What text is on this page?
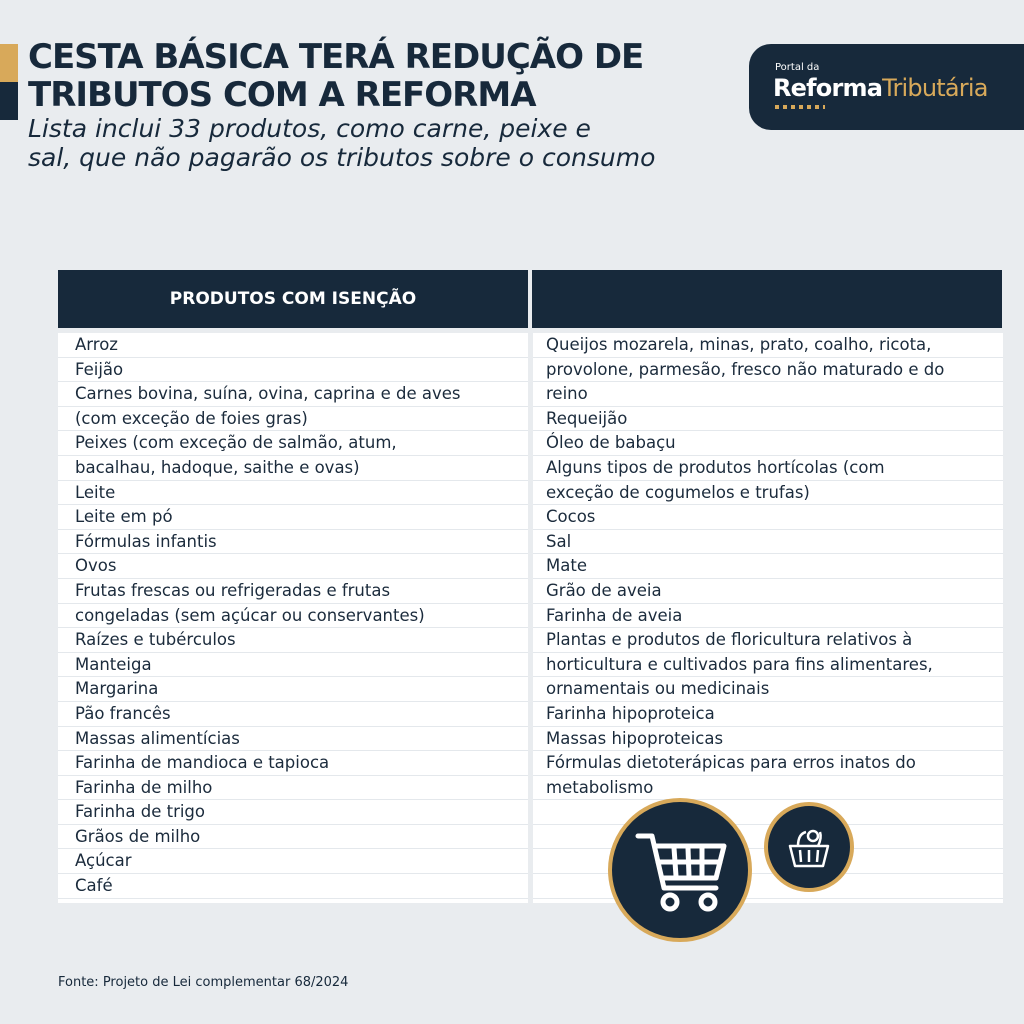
CESTA BÁSICA TERÁ REDUÇÃO DE
TRIBUTOS COM A REFORMA

Lista inclui 33 produtos, como carne, peixe e
sal, que não pagarão os tributos sobre o consumo

Portal da
ReformaTributária
PRODUTOS COM ISENÇÃO
Arroz
Feijão
Carnes bovina, suína, ovina, caprina e de aves
(com exceção de foies gras)
Peixes (com exceção de salmão, atum,
bacalhau, hadoque, saithe e ovas)
Leite
Leite em pó
Fórmulas infantis
Ovos
Frutas frescas ou refrigeradas e frutas
congeladas (sem açúcar ou conservantes)
Raízes e tubérculos
Manteiga
Margarina
Pão francês
Massas alimentícias
Farinha de mandioca e tapioca
Farinha de milho
Farinha de trigo
Grãos de milho
Açúcar
Café
Queijos mozarela, minas, prato, coalho, ricota,
provolone, parmesão, fresco não maturado e do
reino
Requeijão
Óleo de babaçu
Alguns tipos de produtos hortícolas (com
exceção de cogumelos e trufas)
Cocos
Sal
Mate
Grão de aveia
Farinha de aveia
Plantas e produtos de floricultura relativos à
horticultura e cultivados para fins alimentares,
ornamentais ou medicinais
Farinha hipoproteica
Massas hipoproteicas
Fórmulas dietoterápicas para erros inatos do
metabolismo
Fonte: Projeto de Lei complementar 68/2024
